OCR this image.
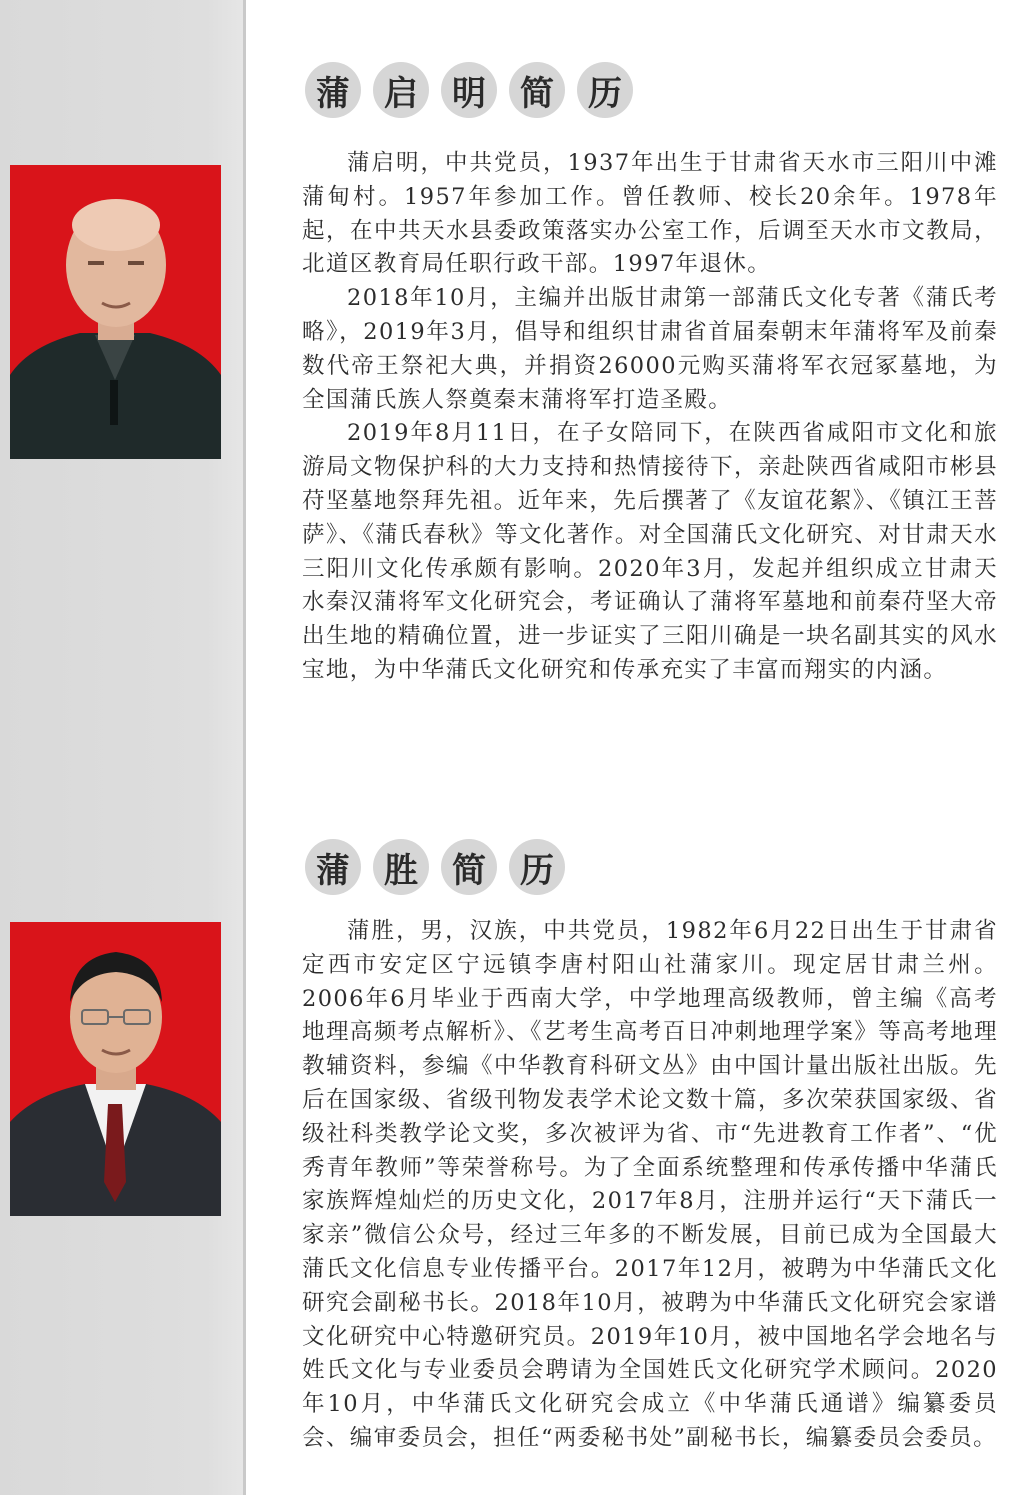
蒲	启	明	简	历

蒲启明，中共党员，1937年出生于甘肃省天水市三阳川中滩蒲甸村。1957年参加工作。曾任教师、校长20余年。1978年起，在中共天水县委政策落实办公室工作，后调至天水市文教局，北道区教育局任职行政干部。1997年退休。

2018年10月，主编并出版甘肃第一部蒲氏文化专著《蒲氏考略》，2019年3月，倡导和组织甘肃省首届秦朝末年蒲将军及前秦数代帝王祭祀大典，并捐资26000元购买蒲将军衣冠冢墓地，为全国蒲氏族人祭奠秦末蒲将军打造圣殿。

2019年8月11日，在子女陪同下，在陕西省咸阳市文化和旅游局文物保护科的大力支持和热情接待下，亲赴陕西省咸阳市彬县苻坚墓地祭拜先祖。近年来，先后撰著了《友谊花絮》、《镇江王菩萨》、《蒲氏春秋》等文化著作。对全国蒲氏文化研究、对甘肃天水三阳川文化传承颇有影响。2020年3月，发起并组织成立甘肃天水秦汉蒲将军文化研究会，考证确认了蒲将军墓地和前秦苻坚大帝出生地的精确位置，进一步证实了三阳川确是一块名副其实的风水宝地，为中华蒲氏文化研究和传承充实了丰富而翔实的内涵。

蒲	胜	简	历

蒲胜，男，汉族，中共党员，1982年6月22日出生于甘肃省定西市安定区宁远镇李唐村阳山社蒲家川。现定居甘肃兰州。2006年6月毕业于西南大学，中学地理高级教师，曾主编《高考地理高频考点解析》、《艺考生高考百日冲刺地理学案》等高考地理教辅资料，参编《中华教育科研文丛》由中国计量出版社出版。先后在国家级、省级刊物发表学术论文数十篇，多次荣获国家级、省级社科类教学论文奖，多次被评为省、市“先进教育工作者”、“优秀青年教师”等荣誉称号。为了全面系统整理和传承传播中华蒲氏家族辉煌灿烂的历史文化，2017年8月，注册并运行“天下蒲氏一家亲”微信公众号，经过三年多的不断发展，目前已成为全国最大蒲氏文化信息专业传播平台。2017年12月，被聘为中华蒲氏文化研究会副秘书长。2018年10月，被聘为中华蒲氏文化研究会家谱文化研究中心特邀研究员。2019年10月，被中国地名学会地名与姓氏文化与专业委员会聘请为全国姓氏文化研究学术顾问。2020年10月，中华蒲氏文化研究会成立《中华蒲氏通谱》编纂委员会、编审委员会，担任“两委秘书处”副秘书长，编纂委员会委员。
